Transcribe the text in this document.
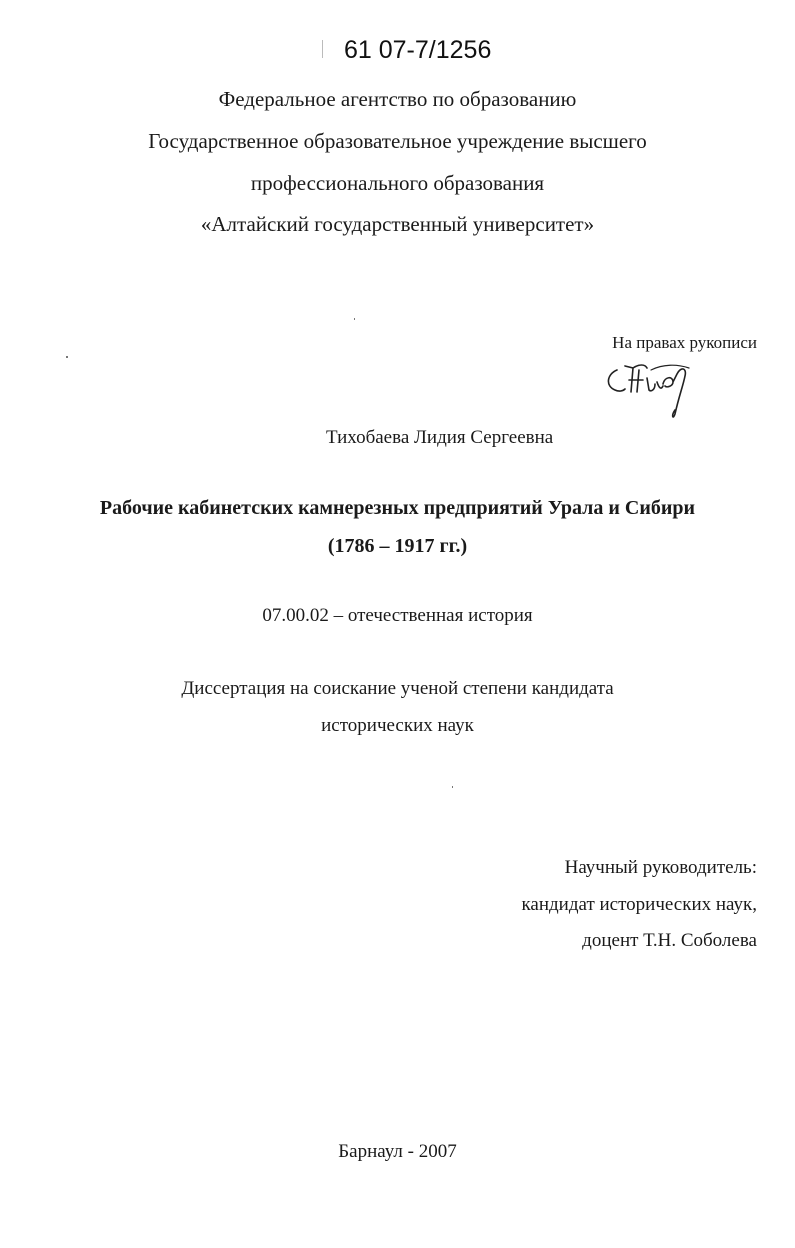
61 07-7/1256
Федеральное агентство по образованию
Государственное образовательное учреждение высшего
профессионального образования
«Алтайский государственный университет»
На правах рукописи
Тихобаева Лидия Сергеевна
Рабочие кабинетских камнерезных предприятий Урала и Сибири
(1786 – 1917 гг.)
07.00.02 – отечественная история
Диссертация на соискание ученой степени кандидата
исторических наук
Научный руководитель:
кандидат исторических наук,
доцент Т.Н. Соболева
Барнаул - 2007
